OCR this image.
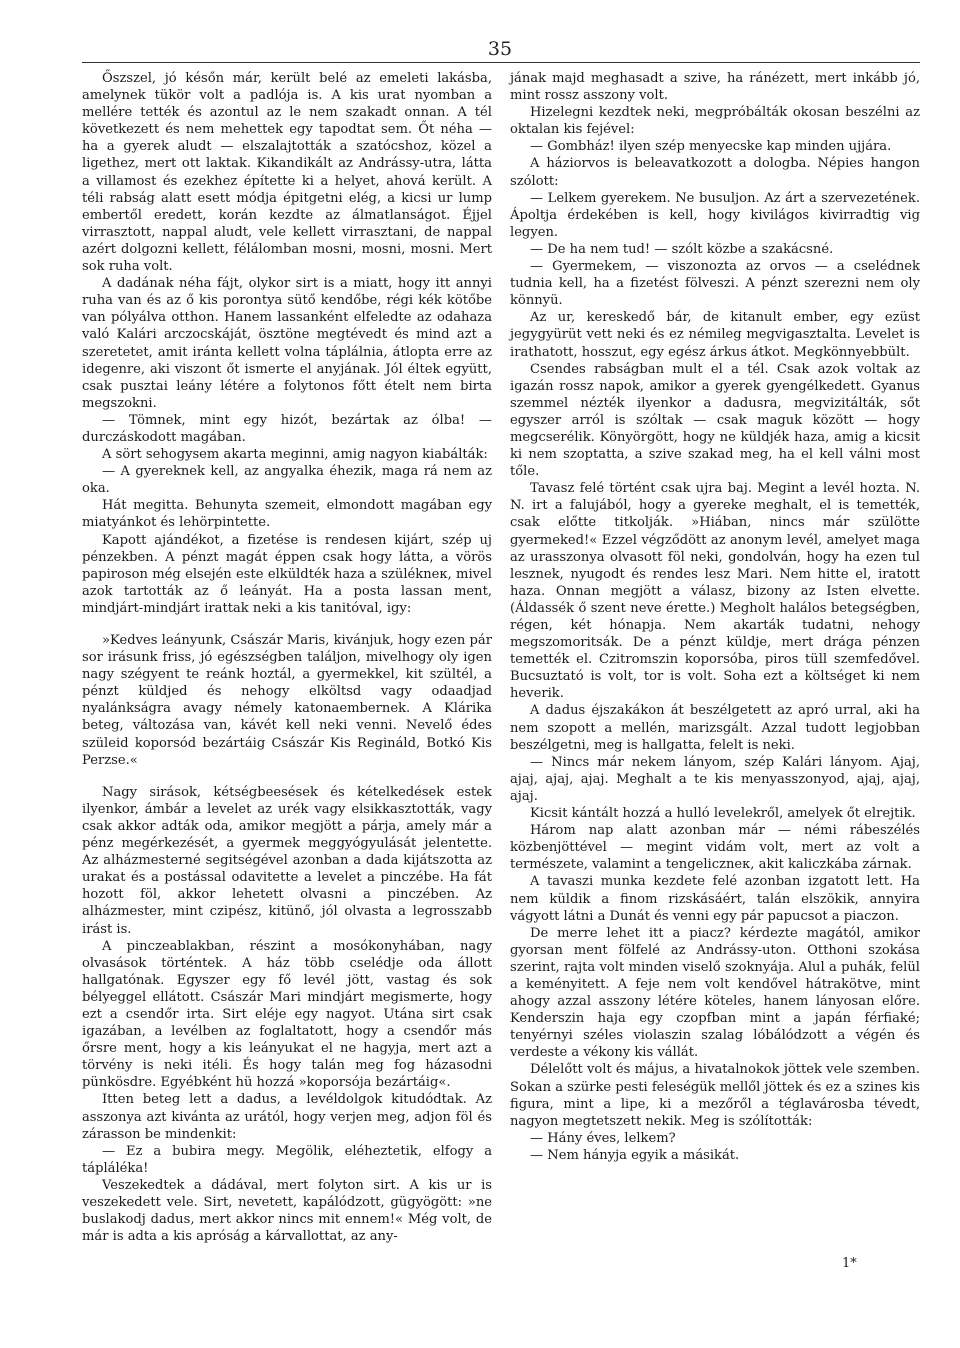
35

Őszszel, jó későn már, került belé az emeleti lakásba, amelynek tükör volt a padlója is. A kis urat nyomban a mellére tették és azontul az le nem szakadt onnan. A tél következett és nem mehettek egy tapodtat sem. Őt néha — ha a gyerek aludt — elszalajtották a szatócshoz, közel a ligethez, mert ott laktak. Kikandikált az Andrássy-utra, látta a villamost és ezekhez építette ki a helyet, ahová került. A téli rabság alatt esett módja épitgetni elég, a kicsi ur lump embertől eredett, korán kezdte az álmatlanságot. Éjjel virrasztott, nappal aludt, vele kellett virrasztani, de nappal azért dolgozni kellett, félálomban mosni, mosni, mosni. Mert sok ruha volt.

A dadának néha fájt, olykor sirt is a miatt, hogy itt annyi ruha van és az ő kis porontya sütő kendőbe, régi kék kötőbe van pólyálva otthon. Hanem lassanként elfeledte az odahaza való Kalári arczocskáját, ösztöne megtévedt és mind azt a szeretetet, amit iránta kellett volna táplálnia, átlopta erre az idegenre, aki viszont őt ismerte el anyjának. Jól éltek együtt, csak pusztai leány létére a folytonos főtt ételt nem birta megszokni.

— Tömnek, mint egy hizót, bezártak az ólba! — durczáskodott magában.

A sört sehogysem akarta meginni, amig nagyon kiabálták:

— A gyereknek kell, az angyalka éhezik, maga rá nem az oka.

Hát megitta. Behunyta szemeit, elmondott magában egy miatyánkot és lehörpintette.

Kapott ajándékot, a fizetése is rendesen kijárt, szép uj pénzekben. A pénzt magát éppen csak hogy látta, a vörös papiroson még elsején este elküldték haza a szülékneк, mivel azok tartották az ő leányát. Ha a posta lassan ment, mindjárt-mindjárt irattak neki a kis tanitóval, igy:

»Kedves leányunk, Császár Maris, kivánjuk, hogy ezen pár sor irásunk friss, jó egészségben találjon, mivelhogy oly igen nagy szégyent te reánk hoztál, a gyermekkel, kit szültél, a pénzt küldjed és nehogy elköltsd vagy odaadjad nyalánkságra avagy némely katonaembernek. A Klárika beteg, változása van, kávét kell neki venni. Nevelő édes szüleid koporsód bezártáig Császár Kis Regináld, Botkó Kis Perzse.«

Nagy sirások, kétségbeesések és kételkedések estek ilyenkor, ámbár a levelet az urék vagy elsikkasztották, vagy csak akkor adták oda, amikor megjött a párja, amely már a pénz megérkezését, a gyermek meggyógyulását jelentette. Az alházmesterné segitségével azonban a dada kijátszotta az urakat és a postással odavitette a levelet a pinczébe. Ha fát hozott föl, akkor lehetett olvasni a pinczében. Az alházmester, mint czipész, kitünő, jól olvasta a legrosszabb irást is.

A pinczeablakban, részint a mosókonyhában, nagy olvasások történtek. A ház több cselédje oda állott hallgatónak. Egyszer egy fő levél jött, vastag és sok bélyeggel ellátott. Császár Mari mindjárt megismerte, hogy ezt a csendőr irta. Sirt eléje egy nagyot. Utána sirt csak igazában, a levélben az foglaltatott, hogy a csendőr más őrsre ment, hogy a kis leányukat el ne hagyja, mert azt a törvény is neki itéli. És hogy talán meg fog házasodni pünkösdre. Egyébként hü hozzá »koporsója bezártáig«.

Itten beteg lett a dadus, a levéldolgok kitudódtak. Az asszonya azt kivánta az urától, hogy verjen meg, adjon föl és zárasson be mindenkit:

— Ez a bubira megy. Megölik, eléheztetik, elfogy a tápláléka!

Veszekedtek a dádával, mert folyton sirt. A kis ur is veszekedett vele. Sirt, nevetett, kapálódzott, gügyögött: »ne buslakodj dadus, mert akkor nincs mit ennem!« Még volt, de már is adta a kis apróság a kárvallottat, az any-

jának majd meghasadt a szive, ha ránézett, mert inkább jó, mint rossz asszony volt.

Hizelegni kezdtek neki, megpróbálták okosan beszélni az oktalan kis fejével:

— Gombház! ilyen szép menyecske kap minden ujjára.

A háziorvos is beleavatkozott a dologba. Népies hangon szólott:

— Lelkem gyerekem. Ne busuljon. Az árt a szervezetének. Ápoltja érdekében is kell, hogy kivilágos kivirradtig vig legyen.

— De ha nem tud! — szólt közbe a szakácsné.

— Gyermekem, — viszonozta az orvos — a cselédnek tudnia kell, ha a fizetést fölveszi. A pénzt szerezni nem oly könnyü.

Az ur, kereskedő bár, de kitanult ember, egy ezüst jegygyürüt vett neki és ez némileg megvigasztalta. Levelet is irathatott, hosszut, egy egész árkus átkot. Megkönnyebbült.

Csendes rabságban mult el a tél. Csak azok voltak az igazán rossz napok, amikor a gyerek gyengélkedett. Gyanus szemmel nézték ilyenkor a dadusra, megvizitálták, sőt egyszer arról is szóltak — csak maguk között — hogy megcserélik. Könyörgött, hogy ne küldjék haza, amig a kicsit ki nem szoptatta, a szive szakad meg, ha el kell válni most tőle.

Tavasz felé történt csak ujra baj. Megint a levél hozta. N. N. irt a falujából, hogy a gyereke meghalt, el is temették, csak előtte titkolják. »Hiában, nincs már szülötte gyermeked!« Ezzel végződött az anonym levél, amelyet maga az urasszonya olvasott föl neki, gondolván, hogy ha ezen tul lesznek, nyugodt és rendes lesz Mari. Nem hitte el, iratott haza. Onnan megjött a válasz, bizony az Isten elvette. (Áldassék ő szent neve érette.) Megholt halálos betegségben, régen, két hónapja. Nem akarták tudatni, nehogy megszomoritsák. De a pénzt küldje, mert drága pénzen temették el. Czitromszin koporsóba, piros tüll szemfedővel. Bucsuztató is volt, tor is volt. Soha ezt a költséget ki nem heverik.

A dadus éjszakákon át beszélgetett az apró urral, aki ha nem szopott a mellén, marizsgált. Azzal tudott legjobban beszélgetni, meg is hallgatta, felelt is neki.

— Nincs már nekem lányom, szép Kalári lányom. Ajaj, ajaj, ajaj, ajaj. Meghalt a te kis menyasszonyod, ajaj, ajaj, ajaj.

Kicsit kántált hozzá a hulló levelekről, amelyek őt elrejtik.

Három nap alatt azonban már — némi rábeszélés közbenjöttével — megint vidám volt, mert az volt a természete, valamint a tengeliczneк, akit kaliczkába zárnak.

A tavaszi munka kezdete felé azonban izgatott lett. Ha nem küldik a finom rizskásáért, talán elszökik, annyira vágyott látni a Dunát és venni egy pár papucsot a piaczon.

De merre lehet itt a piacz? kérdezte magától, amikor gyorsan ment fölfelé az Andrássy-uton. Otthoni szokása szerint, rajta volt minden viselő szoknyája. Alul a puhák, felül a keményitett. A feje nem volt kendővel hátrakötve, mint ahogy azzal asszony létére köteles, hanem lányosan előre. Kenderszin haja egy czopfban mint a japán férfiaké; tenyérnyi széles violaszin szalag lóbálódzott a végén és verdeste a vékony kis vállát.

Délelőtt volt és május, a hivatalnokok jöttek vele szemben. Sokan a szürke pesti feleségük mellől jöttek és ez a szines kis figura, mint a lipe, ki a mezőről a téglavárosba tévedt, nagyon megtetszett nekik. Meg is szólították:

— Hány éves, lelkem?

— Nem hányja egyik a másikát.

1*
